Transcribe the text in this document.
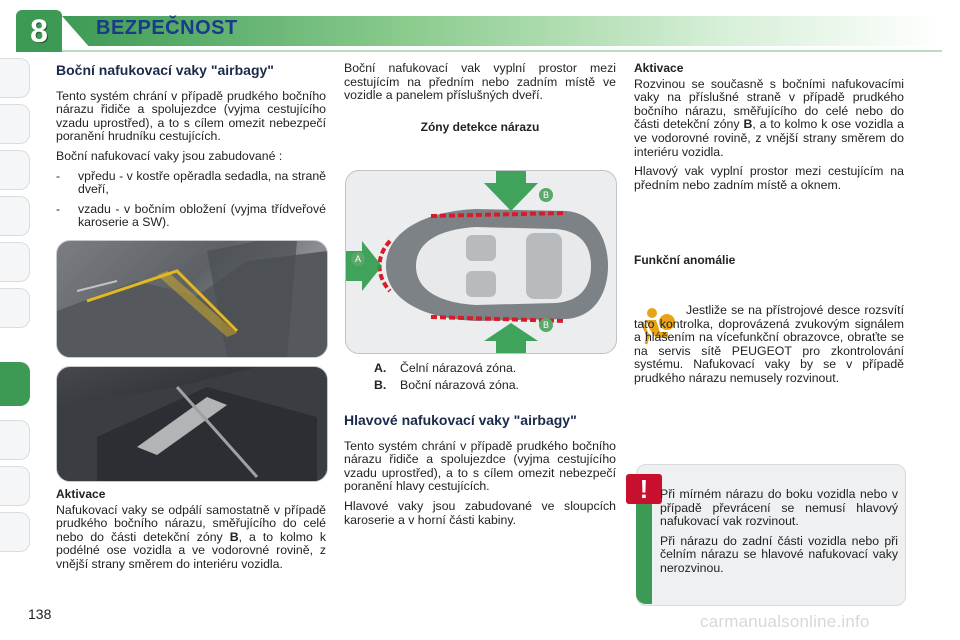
8	BEZPEČNOST
Boční nafukovací vaky "airbagy"

Tento systém chrání v případě prudkého bočního nárazu řidiče a spolujezdce (vyjma cestujícího vzadu uprostřed), a to s cílem omezit nebezpečí poranění hrudníku cestujících.

Boční nafukovací vaky jsou zabudované :

- vpředu - v kostře opěradla sedadla, na straně dveří,
- vzadu - v bočním obložení (vyjma třídveřové karoserie a SW).
Aktivace

Nafukovací vaky se odpálí samostatně v případě prudkého bočního nárazu, směřujícího do celé nebo do části detekční zóny B, a to kolmo k podélné ose vozidla a ve vodorovné rovině, z vnější strany směrem do interiéru vozidla.

Boční nafukovací vak vyplní prostor mezi cestujícím na předním nebo zadním místě ve vozidle a panelem příslušných dveří.

Zóny detekce nárazu
A
B
B
A. Čelní nárazová zóna.
B. Boční nárazová zóna.
Hlavové nafukovací vaky "airbagy"

Tento systém chrání v případě prudkého bočního nárazu řidiče a spolujezdce (vyjma cestujícího vzadu uprostřed), a to s cílem omezit nebezpečí poranění hlavy cestujících.

Hlavové vaky jsou zabudované ve sloupcích karoserie a v horní části kabiny.

Aktivace

Rozvinou se současně s bočními nafukovacími vaky na příslušné straně v případě prudkého bočního nárazu, směřujícího do celé nebo do části detekční zóny B, a to kolmo k ose vozidla a ve vodorovné rovině, z vnější strany směrem do interiéru vozidla.

Hlavový vak vyplní prostor mezi cestujícím na předním nebo zadním místě a oknem.

Funkční anomálie

Jestliže se na přístrojové desce rozsvítí tato kontrolka, doprovázená zvukovým signálem a hlášením na vícefunkční obrazovce, obraťte se na servis sítě PEUGEOT pro zkontrolování systému. Nafukovací vaky by se v případě prudkého nárazu nemusely rozvinout.

! Při mírném nárazu do boku vozidla nebo v případě převrácení se nemusí hlavový nafukovací vak rozvinout.

Při nárazu do zadní části vozidla nebo při čelním nárazu se hlavové nafukovací vaky nerozvinou.

138	carmanualsonline.info
